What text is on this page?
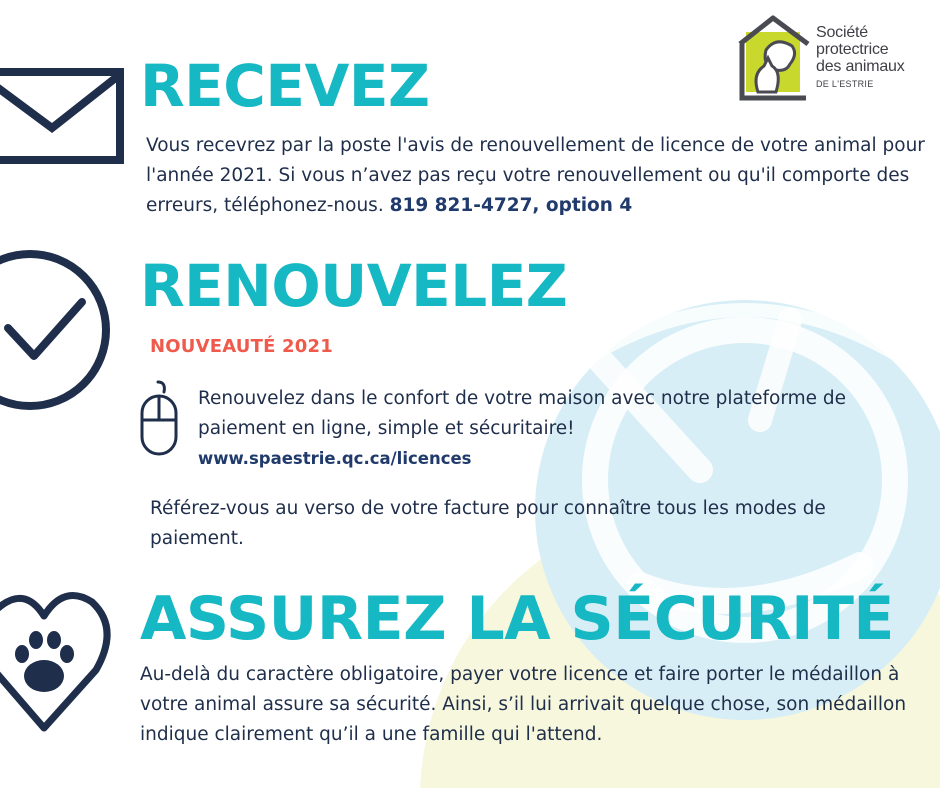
Société
protectrice
des animaux
DE L'ESTRIE
RECEVEZ
Vous recevrez par la poste l'avis de renouvellement de licence de votre animal pour l'année 2021. Si vous n’avez pas reçu votre renouvellement ou qu'il comporte des erreurs, téléphonez-nous. 819 821-4727, option 4
RENOUVELEZ
NOUVEAUTÉ 2021
Renouvelez dans le confort de votre maison avec notre plateforme de paiement en ligne, simple et sécuritaire!
www.spaestrie.qc.ca/licences
Référez-vous au verso de votre facture pour connaître tous les modes de paiement.
ASSUREZ LA SÉCURITÉ
Au-delà du caractère obligatoire, payer votre licence et faire porter le médaillon à votre animal assure sa sécurité. Ainsi, s’il lui arrivait quelque chose, son médaillon indique clairement qu’il a une famille qui l'attend.
